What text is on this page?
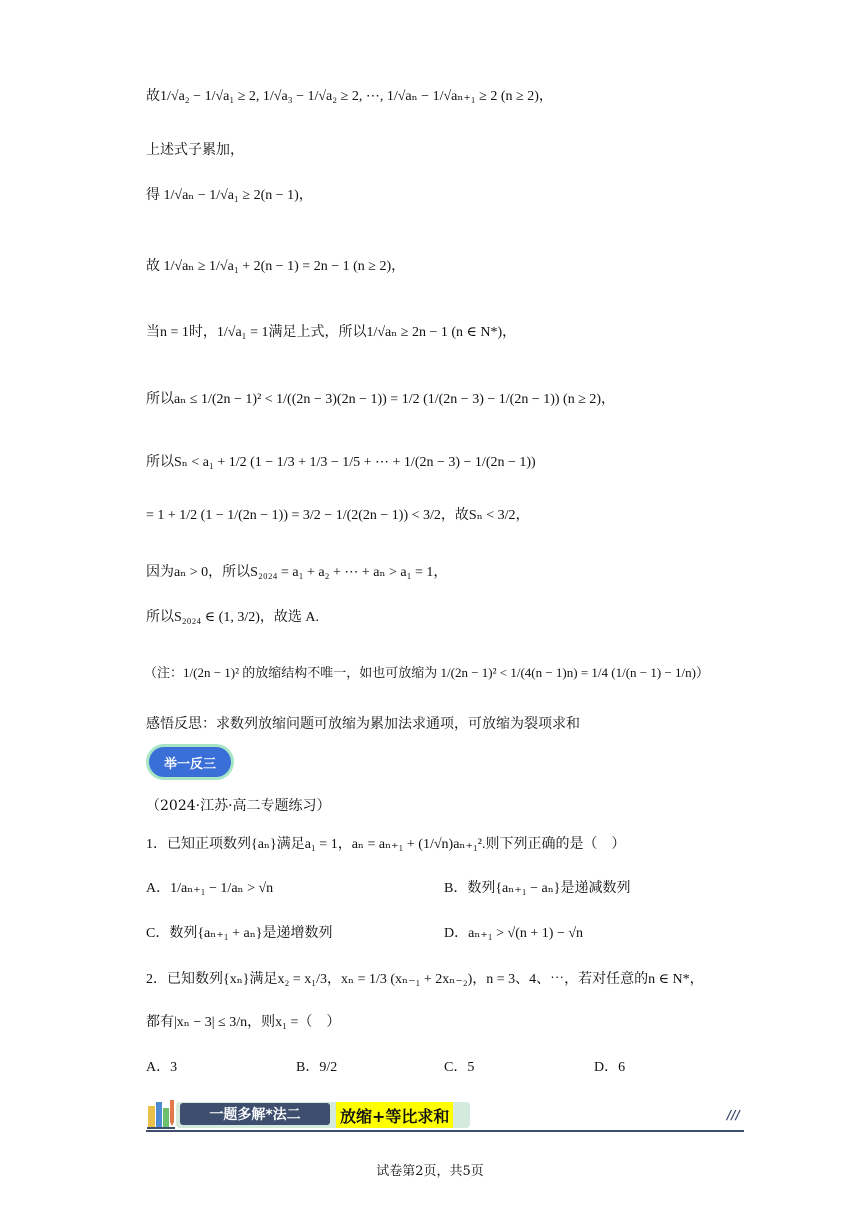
故1/√a₂ − 1/√a₁ ≥ 2, 1/√a₃ − 1/√a₂ ≥ 2, ⋯, 1/√aₙ − 1/√aₙ₊₁ ≥ 2 (n ≥ 2)，
上述式子累加，
得 1/√aₙ − 1/√a₁ ≥ 2(n − 1)，
故 1/√aₙ ≥ 1/√a₁ + 2(n − 1) = 2n − 1 (n ≥ 2)，
当n = 1时，1/√a₁ = 1满足上式，所以1/√aₙ ≥ 2n − 1 (n ∈ N*)，
所以aₙ ≤ 1/(2n − 1)² < 1/((2n − 3)(2n − 1)) = 1/2 (1/(2n − 3) − 1/(2n − 1)) (n ≥ 2)，
所以Sₙ < a₁ + 1/2 (1 − 1/3 + 1/3 − 1/5 + ⋯ + 1/(2n − 3) − 1/(2n − 1))
= 1 + 1/2 (1 − 1/(2n − 1)) = 3/2 − 1/(2(2n − 1)) < 3/2，故Sₙ < 3/2，
因为aₙ > 0，所以S₂₀₂₄ = a₁ + a₂ + ⋯ + aₙ > a₁ = 1，
所以S₂₀₂₄ ∈ (1, 3/2)，故选 A.
（注：1/(2n − 1)² 的放缩结构不唯一，如也可放缩为 1/(2n − 1)² < 1/(4(n − 1)n) = 1/4 (1/(n − 1) − 1/n)）
感悟反思：求数列放缩问题可放缩为累加法求通项，可放缩为裂项求和
举一反三
（2024·江苏·高二专题练习）
1．已知正项数列{aₙ}满足a₁ = 1，aₙ = aₙ₊₁ + (1/√n)aₙ₊₁².则下列正确的是（　）
A．1/aₙ₊₁ − 1/aₙ > √n	B．数列{aₙ₊₁ − aₙ}是递减数列
C．数列{aₙ₊₁ + aₙ}是递增数列	D．aₙ₊₁ > √(n + 1) − √n
2．已知数列{xₙ}满足x₂ = x₁/3，xₙ = 1/3 (xₙ₋₁ + 2xₙ₋₂)，n = 3、4、⋯，若对任意的n ∈ N*，
都有|xₙ − 3| ≤ 3/n，则x₁ =（　）
A．3	B．9/2	C．5	D．6
一题多解*法二	放缩+等比求和	///
试卷第2页，共5页
